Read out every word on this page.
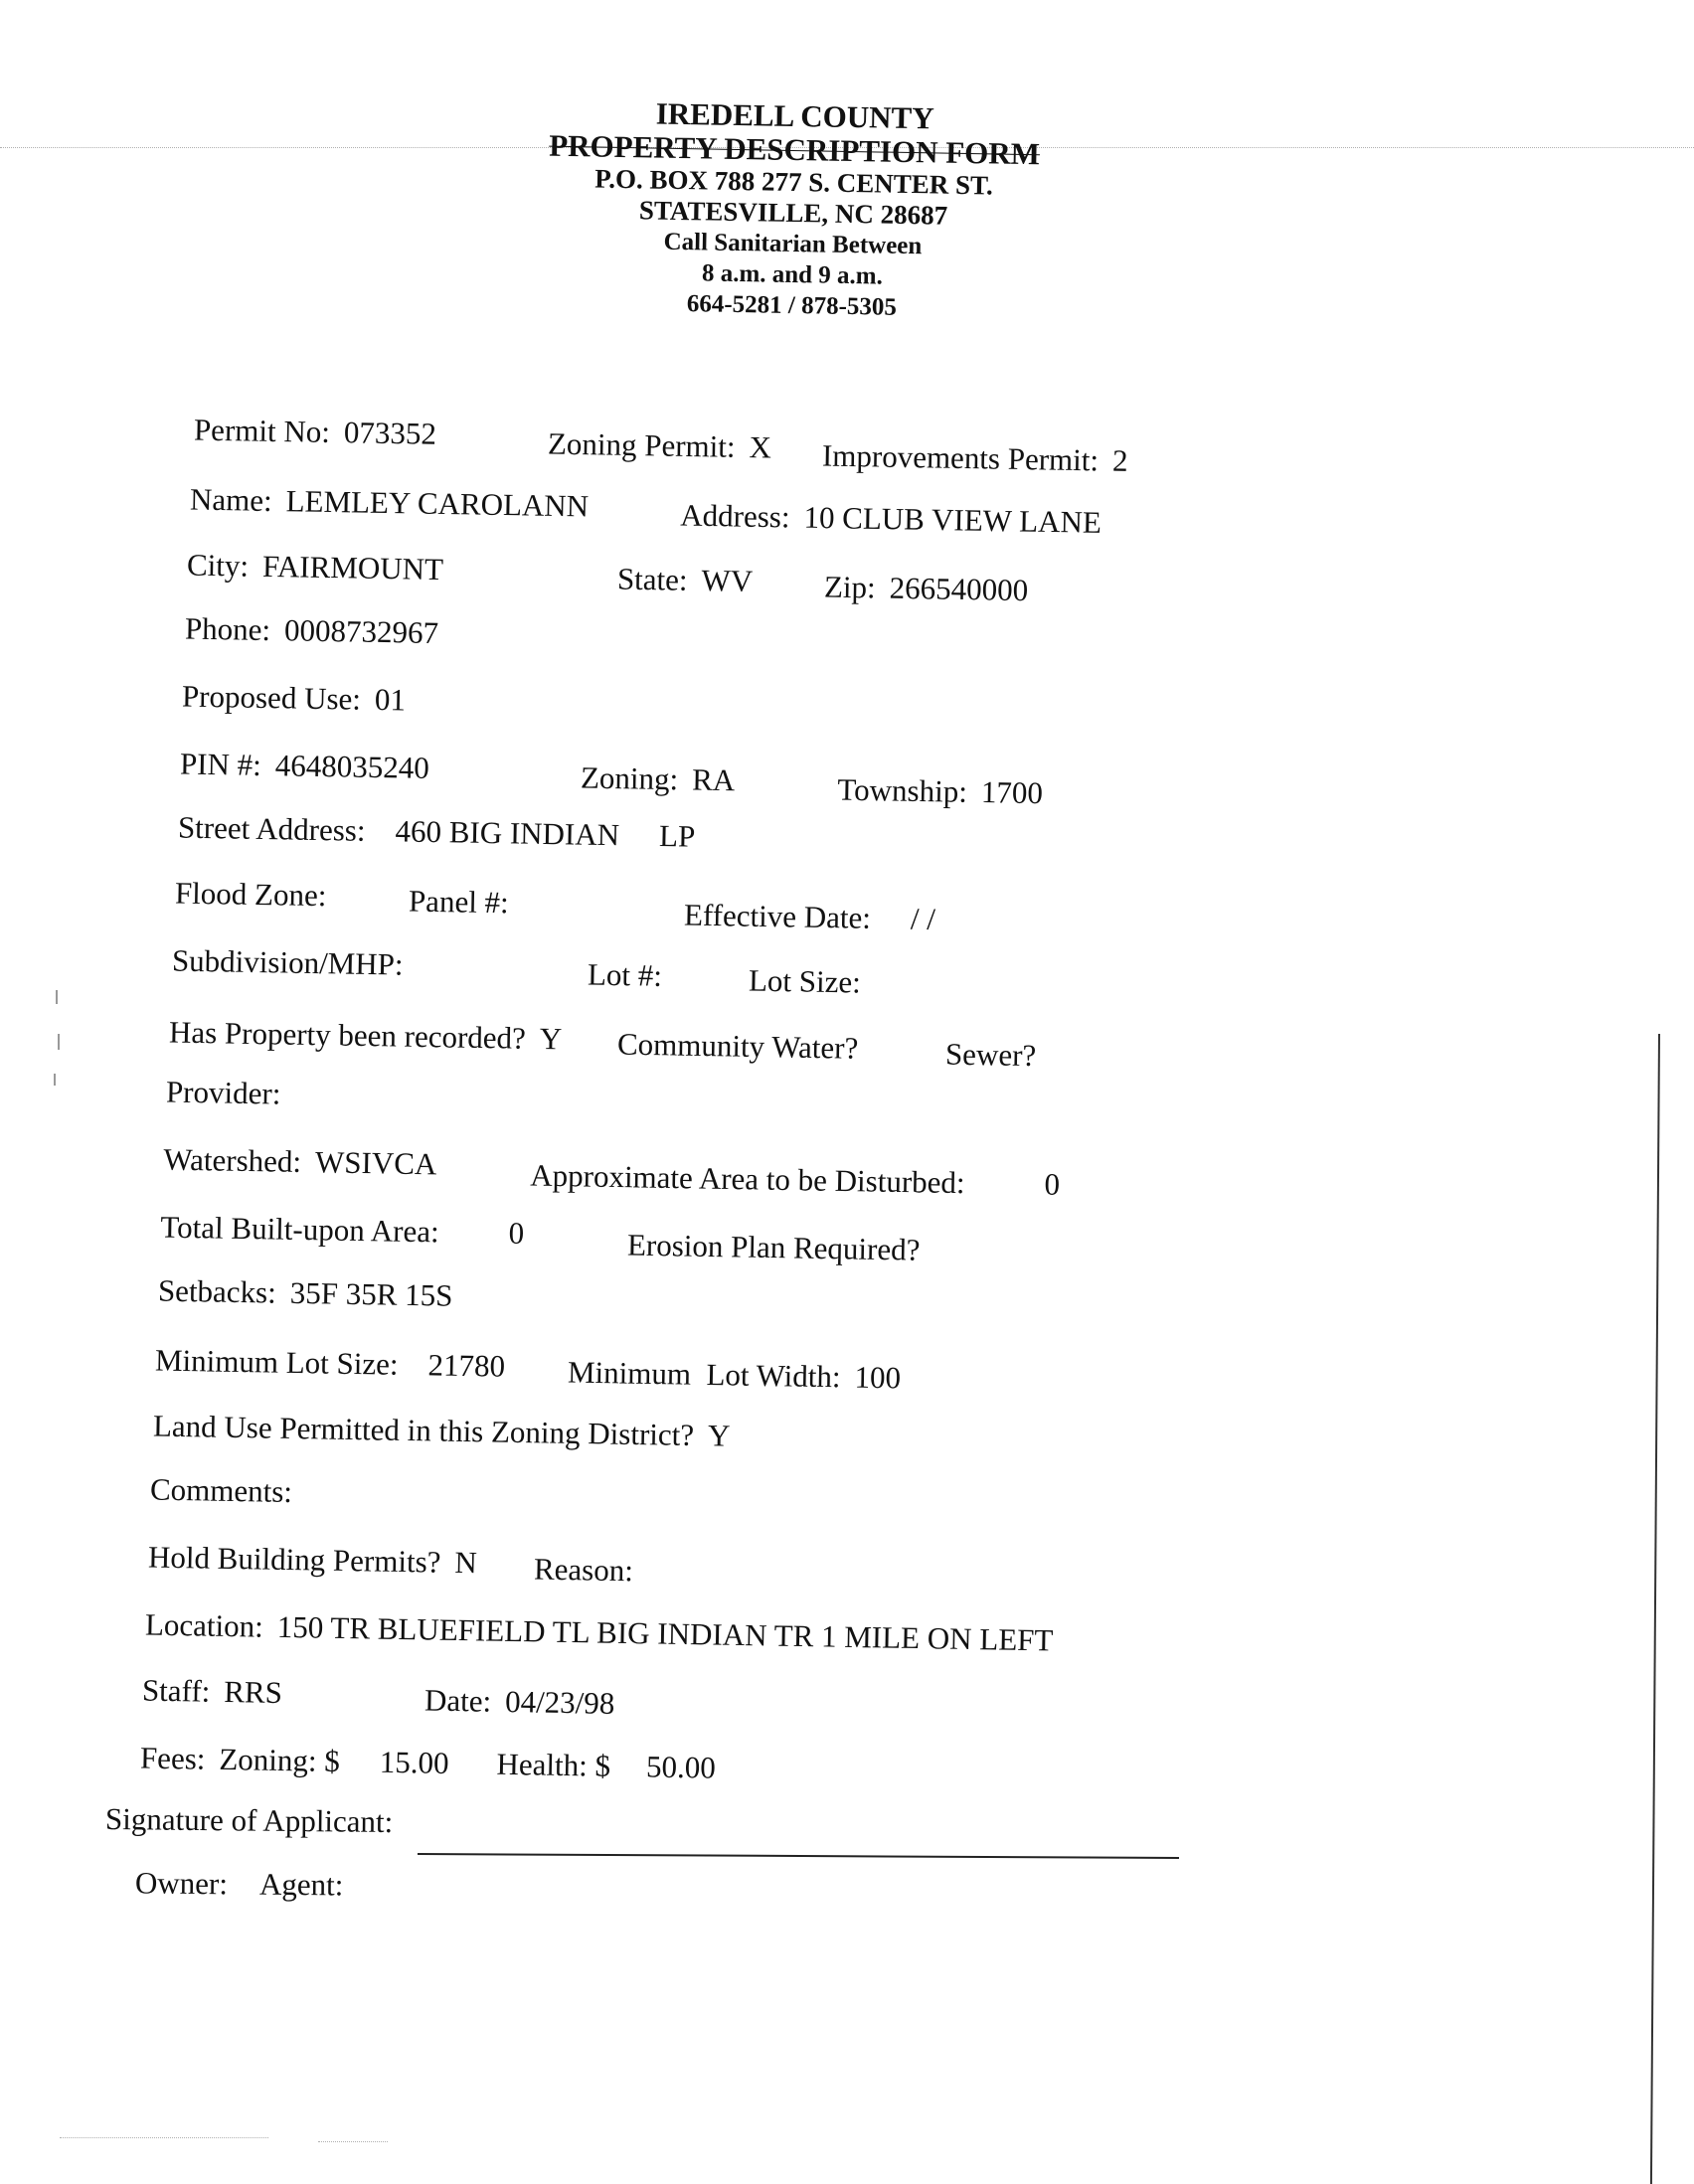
IREDELL COUNTY
PROPERTY DESCRIPTION FORM
P.O. BOX 788 277 S. CENTER ST.
STATESVILLE, NC 28687
Call Sanitarian Between
8 a.m. and 9 a.m.
664-5281 / 878-5305

Permit No: 073352
	Zoning Permit: X
	Improvements Permit: 2

Name: LEMLEY CAROLANN
	Address: 10 CLUB VIEW LANE

City: FAIRMOUNT
	State: WV
	Zip: 266540000

Phone: 0008732967

Proposed Use: 01

PIN #: 4648035240
	Zoning: RA
	Township: 1700

Street Address: 460 BIG INDIAN LP

Flood Zone:
	Panel #:
	Effective Date: / /

Subdivision/MHP:
	Lot #:
	Lot Size:

Has Property been recorded? Y
	Community Water?
	Sewer?

Provider:

Watershed: WSIVCA
	Approximate Area to be Disturbed:	0

Total Built-upon Area: 0
	Erosion Plan Required?

Setbacks: 35F 35R 15S

Minimum Lot Size: 21780
	Minimum  Lot Width: 100

Land Use Permitted in this Zoning District? Y

Comments:

Hold Building Permits? N
	Reason:

Location: 150 TR BLUEFIELD TL BIG INDIAN TR 1 MILE ON LEFT

Staff: RRS
	Date: 04/23/98

Fees: Zoning: $ 15.00 Health: $ 50.00

Signature of Applicant:

Owner: Agent:
